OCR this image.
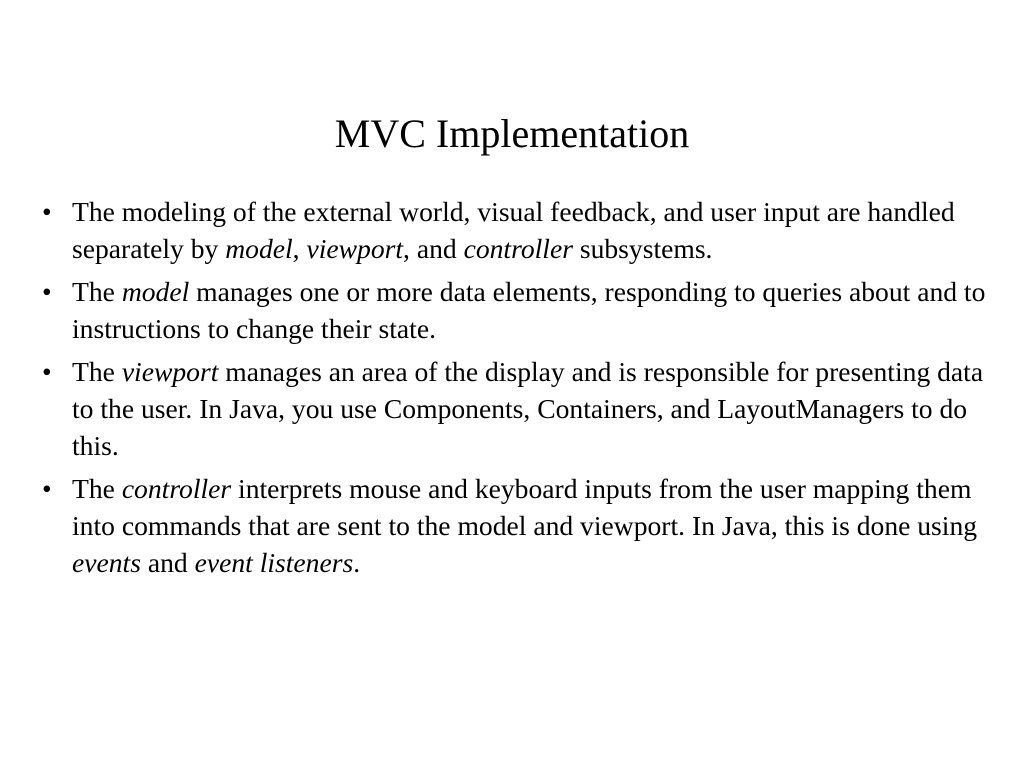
MVC Implementation
• The modeling of the external world, visual feedback, and user input are handled separately by model, viewport, and controller subsystems.
• The model manages one or more data elements, responding to queries about and to instructions to change their state.
• The viewport manages an area of the display and is responsible for presenting data to the user. In Java, you use Components, Containers, and LayoutManagers to do this.
• The controller interprets mouse and keyboard inputs from the user mapping them into commands that are sent to the model and viewport. In Java, this is done using events and event listeners.
